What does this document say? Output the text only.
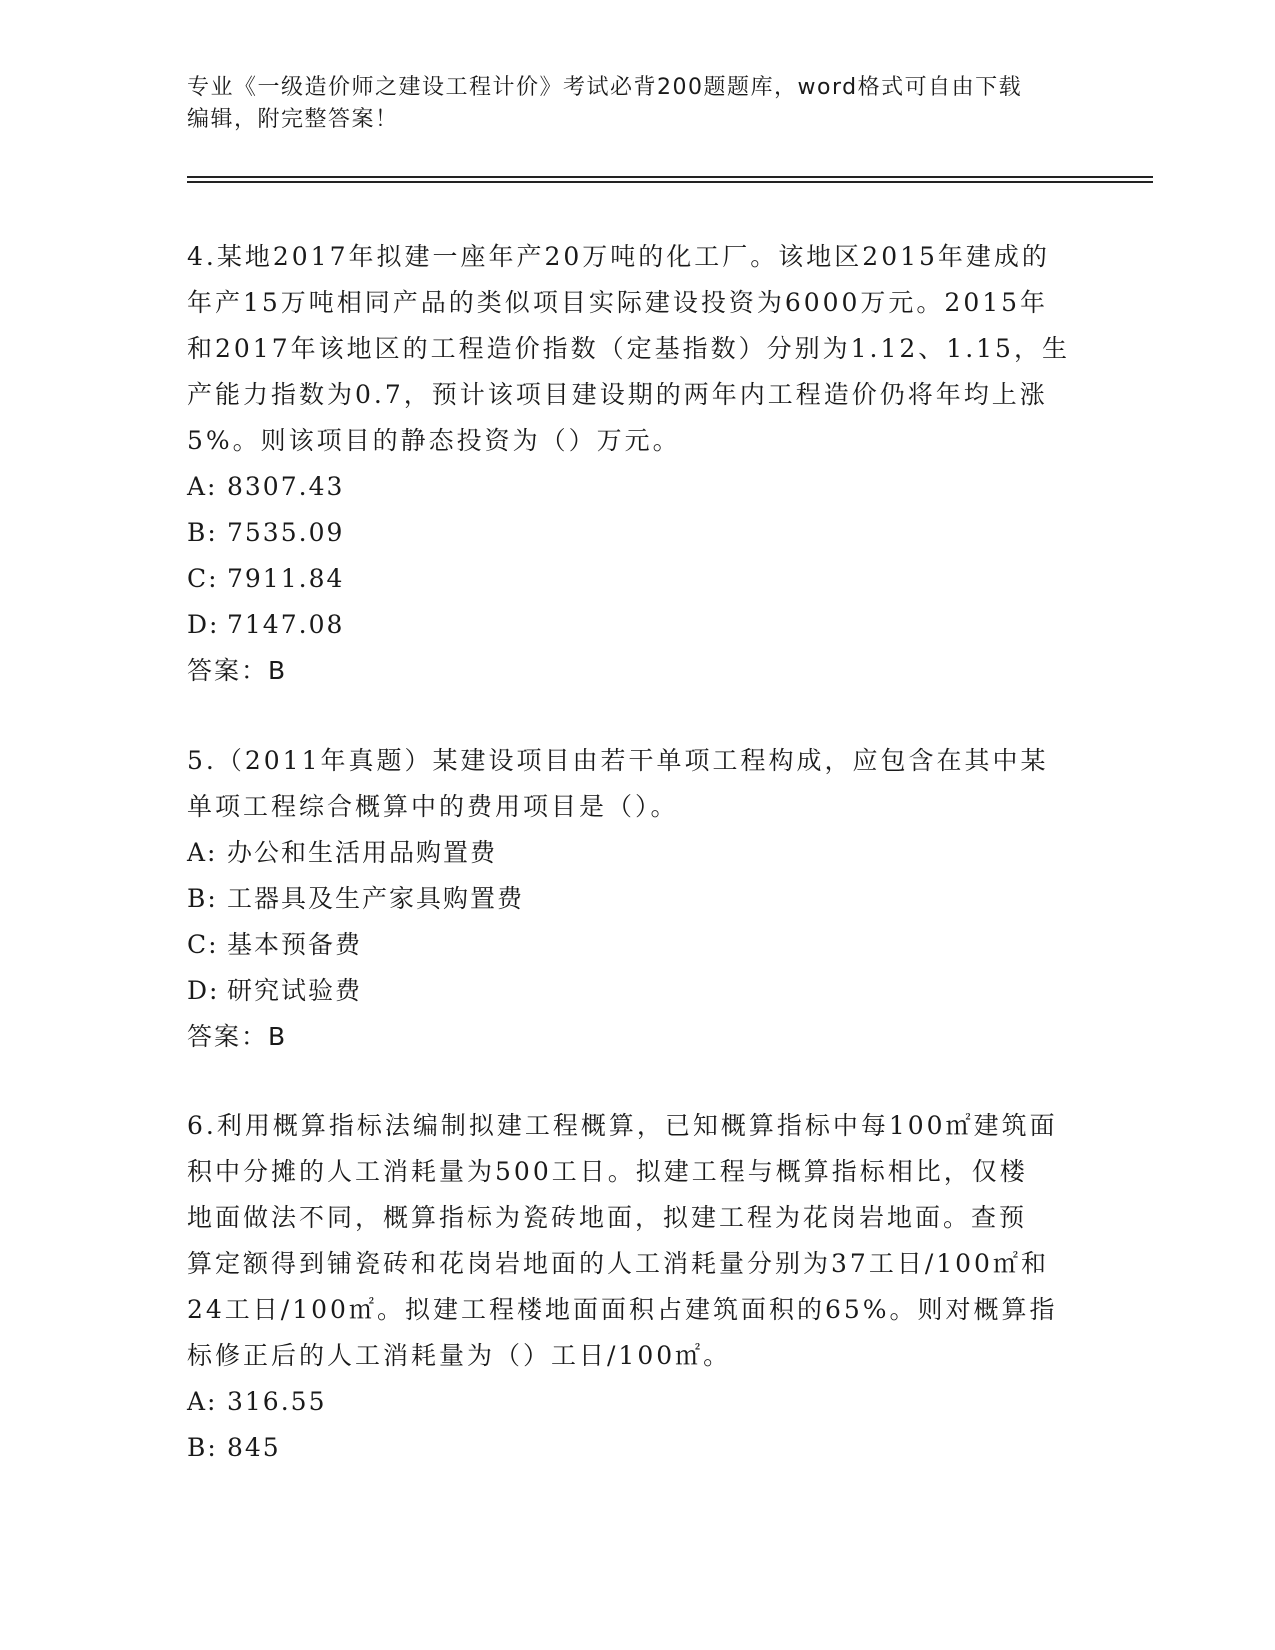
专业《一级造价师之建设工程计价》考试必背200题题库，word格式可自由下载
编辑，附完整答案！

4.某地2017年拟建一座年产20万吨的化工厂。该地区2015年建成的

年产15万吨相同产品的类似项目实际建设投资为6000万元。2015年

和2017年该地区的工程造价指数（定基指数）分别为1.12、1.15，生

产能力指数为0.7，预计该项目建设期的两年内工程造价仍将年均上涨

5%。则该项目的静态投资为（）万元。

A: 8307.43

B: 7535.09

C: 7911.84

D: 7147.08

答案：B

5.（2011年真题）某建设项目由若干单项工程构成，应包含在其中某

单项工程综合概算中的费用项目是（）。

A: 办公和生活用品购置费

B: 工器具及生产家具购置费

C: 基本预备费

D: 研究试验费

答案：B

6.利用概算指标法编制拟建工程概算，已知概算指标中每100㎡建筑面

积中分摊的人工消耗量为500工日。拟建工程与概算指标相比，仅楼

地面做法不同，概算指标为瓷砖地面，拟建工程为花岗岩地面。查预

算定额得到铺瓷砖和花岗岩地面的人工消耗量分别为37工日/100㎡和

24工日/100㎡。拟建工程楼地面面积占建筑面积的65%。则对概算指

标修正后的人工消耗量为（）工日/100㎡。

A: 316.55

B: 845
